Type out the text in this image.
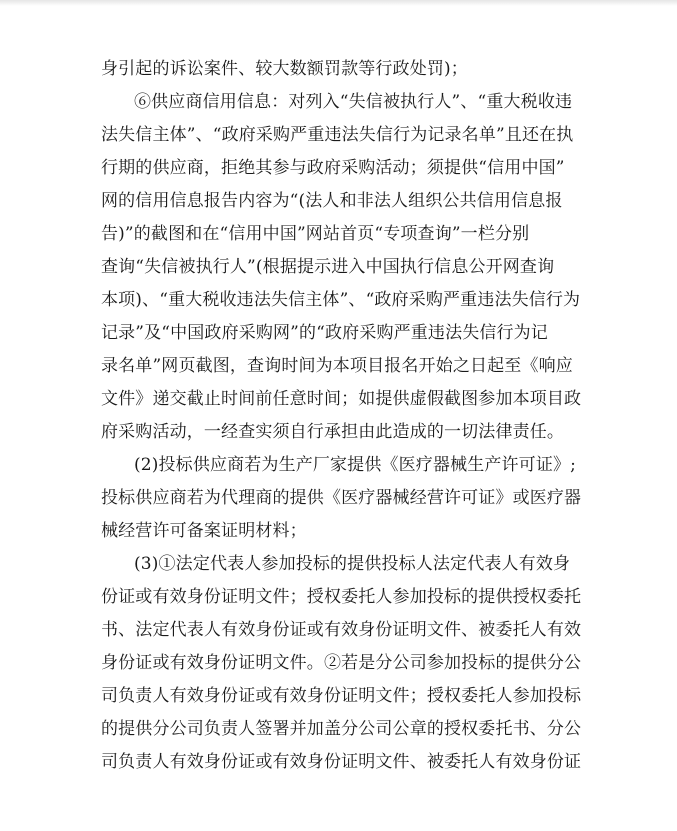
身引起的诉讼案件、较大数额罚款等行政处罚)；
⑥供应商信用信息：对列入“失信被执行人”、“重大税收违
法失信主体”、“政府采购严重违法失信行为记录名单”且还在执
行期的供应商，拒绝其参与政府采购活动；须提供“信用中国”
网的信用信息报告内容为“(法人和非法人组织公共信用信息报
告)”的截图和在“信用中国”网站首页“专项查询”一栏分别
查询“失信被执行人”(根据提示进入中国执行信息公开网查询
本项)、“重大税收违法失信主体”、“政府采购严重违法失信行为
记录”及“中国政府采购网”的“政府采购严重违法失信行为记
录名单”网页截图，查询时间为本项目报名开始之日起至《响应
文件》递交截止时间前任意时间；如提供虚假截图参加本项目政
府采购活动，一经查实须自行承担由此造成的一切法律责任。
(2)投标供应商若为生产厂家提供《医疗器械生产许可证》;
投标供应商若为代理商的提供《医疗器械经营许可证》或医疗器
械经营许可备案证明材料；
(3)①法定代表人参加投标的提供投标人法定代表人有效身
份证或有效身份证明文件；授权委托人参加投标的提供授权委托
书、法定代表人有效身份证或有效身份证明文件、被委托人有效
身份证或有效身份证明文件。②若是分公司参加投标的提供分公
司负责人有效身份证或有效身份证明文件；授权委托人参加投标
的提供分公司负责人签署并加盖分公司公章的授权委托书、分公
司负责人有效身份证或有效身份证明文件、被委托人有效身份证
